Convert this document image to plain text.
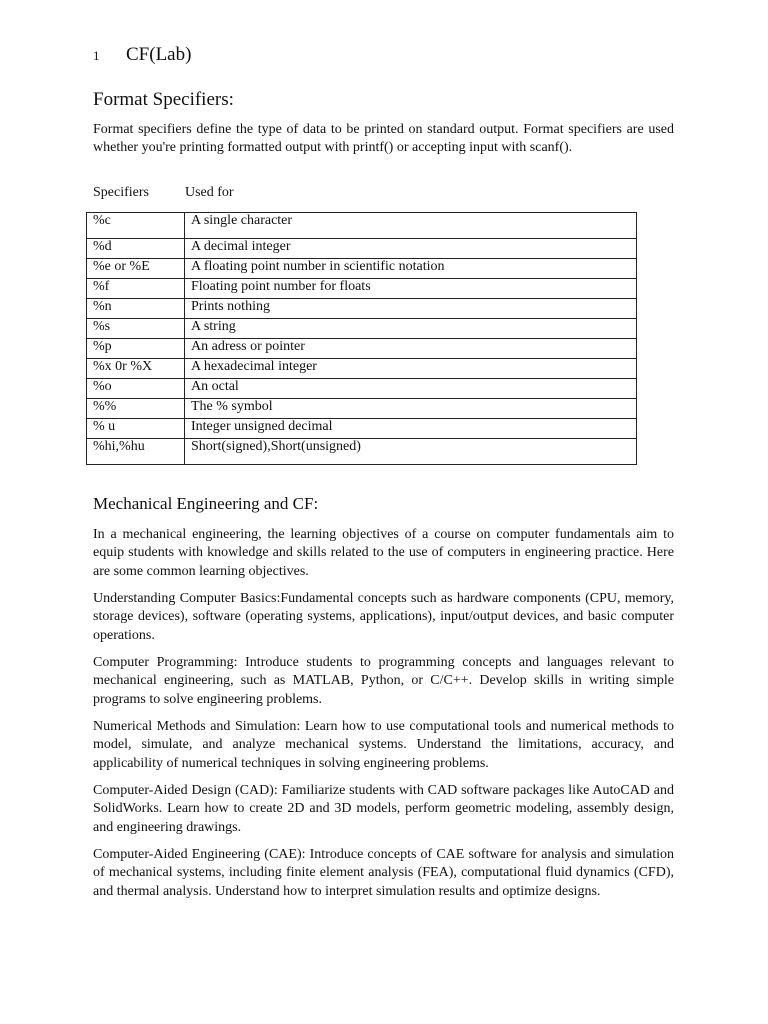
1	CF(Lab)
Format Specifiers:

Format specifiers define the type of data to be printed on standard output. Format specifiers are used whether you're printing formatted output with printf() or accepting input with scanf().

Specifiers	Used for
%c	A single character
%d	A decimal integer
%e or %E	A floating point number in scientific notation
%f	Floating point number for floats
%n	Prints nothing
%s	A string
%p	An adress or pointer
%x 0r %X	A hexadecimal integer
%o	An octal
%%	The % symbol
% u	Integer unsigned decimal
%hi,%hu	Short(signed),Short(unsigned)
Mechanical Engineering and CF:

In a mechanical engineering, the learning objectives of a course on computer fundamentals aim to equip students with knowledge and skills related to the use of computers in engineering practice. Here are some common learning objectives.

Understanding Computer Basics:Fundamental concepts such as hardware components (CPU, memory, storage devices), software (operating systems, applications), input/output devices, and basic computer operations.

Computer Programming: Introduce students to programming concepts and languages relevant to mechanical engineering, such as MATLAB, Python, or C/C++. Develop skills in writing simple programs to solve engineering problems.

Numerical Methods and Simulation: Learn how to use computational tools and numerical methods to model, simulate, and analyze mechanical systems. Understand the limitations, accuracy, and applicability of numerical techniques in solving engineering problems.

Computer-Aided Design (CAD): Familiarize students with CAD software packages like AutoCAD and SolidWorks. Learn how to create 2D and 3D models, perform geometric modeling, assembly design, and engineering drawings.

Computer-Aided Engineering (CAE): Introduce concepts of CAE software for analysis and simulation of mechanical systems, including finite element analysis (FEA), computational fluid dynamics (CFD), and thermal analysis. Understand how to interpret simulation results and optimize designs.
